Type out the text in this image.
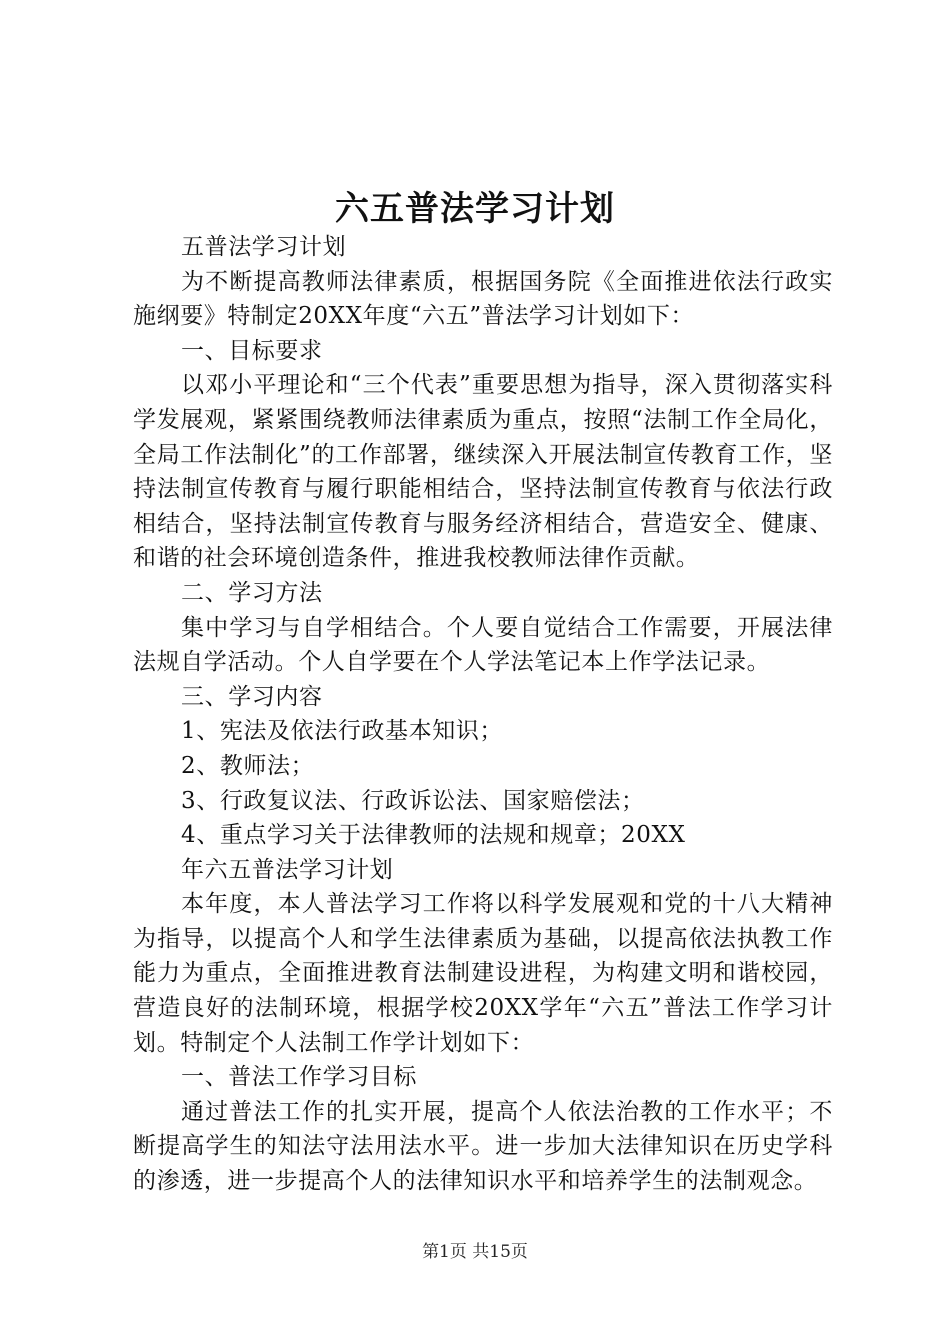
六五普法学习计划

五普法学习计划

为不断提高教师法律素质，根据国务院《全面推进依法行政实施纲要》特制定20XX年度“六五”普法学习计划如下：

一、目标要求

以邓小平理论和“三个代表”重要思想为指导，深入贯彻落实科学发展观，紧紧围绕教师法律素质为重点，按照“法制工作全局化，全局工作法制化”的工作部署，继续深入开展法制宣传教育工作，坚持法制宣传教育与履行职能相结合，坚持法制宣传教育与依法行政相结合，坚持法制宣传教育与服务经济相结合，营造安全、健康、和谐的社会环境创造条件，推进我校教师法律作贡献。

二、学习方法

集中学习与自学相结合。个人要自觉结合工作需要，开展法律法规自学活动。个人自学要在个人学法笔记本上作学法记录。

三、学习内容

1、宪法及依法行政基本知识；

2、教师法；

3、行政复议法、行政诉讼法、国家赔偿法；

4、重点学习关于法律教师的法规和规章；20XX

年六五普法学习计划

本年度，本人普法学习工作将以科学发展观和党的十八大精神为指导，以提高个人和学生法律素质为基础，以提高依法执教工作能力为重点，全面推进教育法制建设进程，为构建文明和谐校园，营造良好的法制环境，根据学校20XX学年“六五”普法工作学习计划。特制定个人法制工作学计划如下：

一、普法工作学习目标

通过普法工作的扎实开展，提高个人依法治教的工作水平；不断提高学生的知法守法用法水平。进一步加大法律知识在历史学科的渗透，进一步提高个人的法律知识水平和培养学生的法制观念。

第1页 共15页
